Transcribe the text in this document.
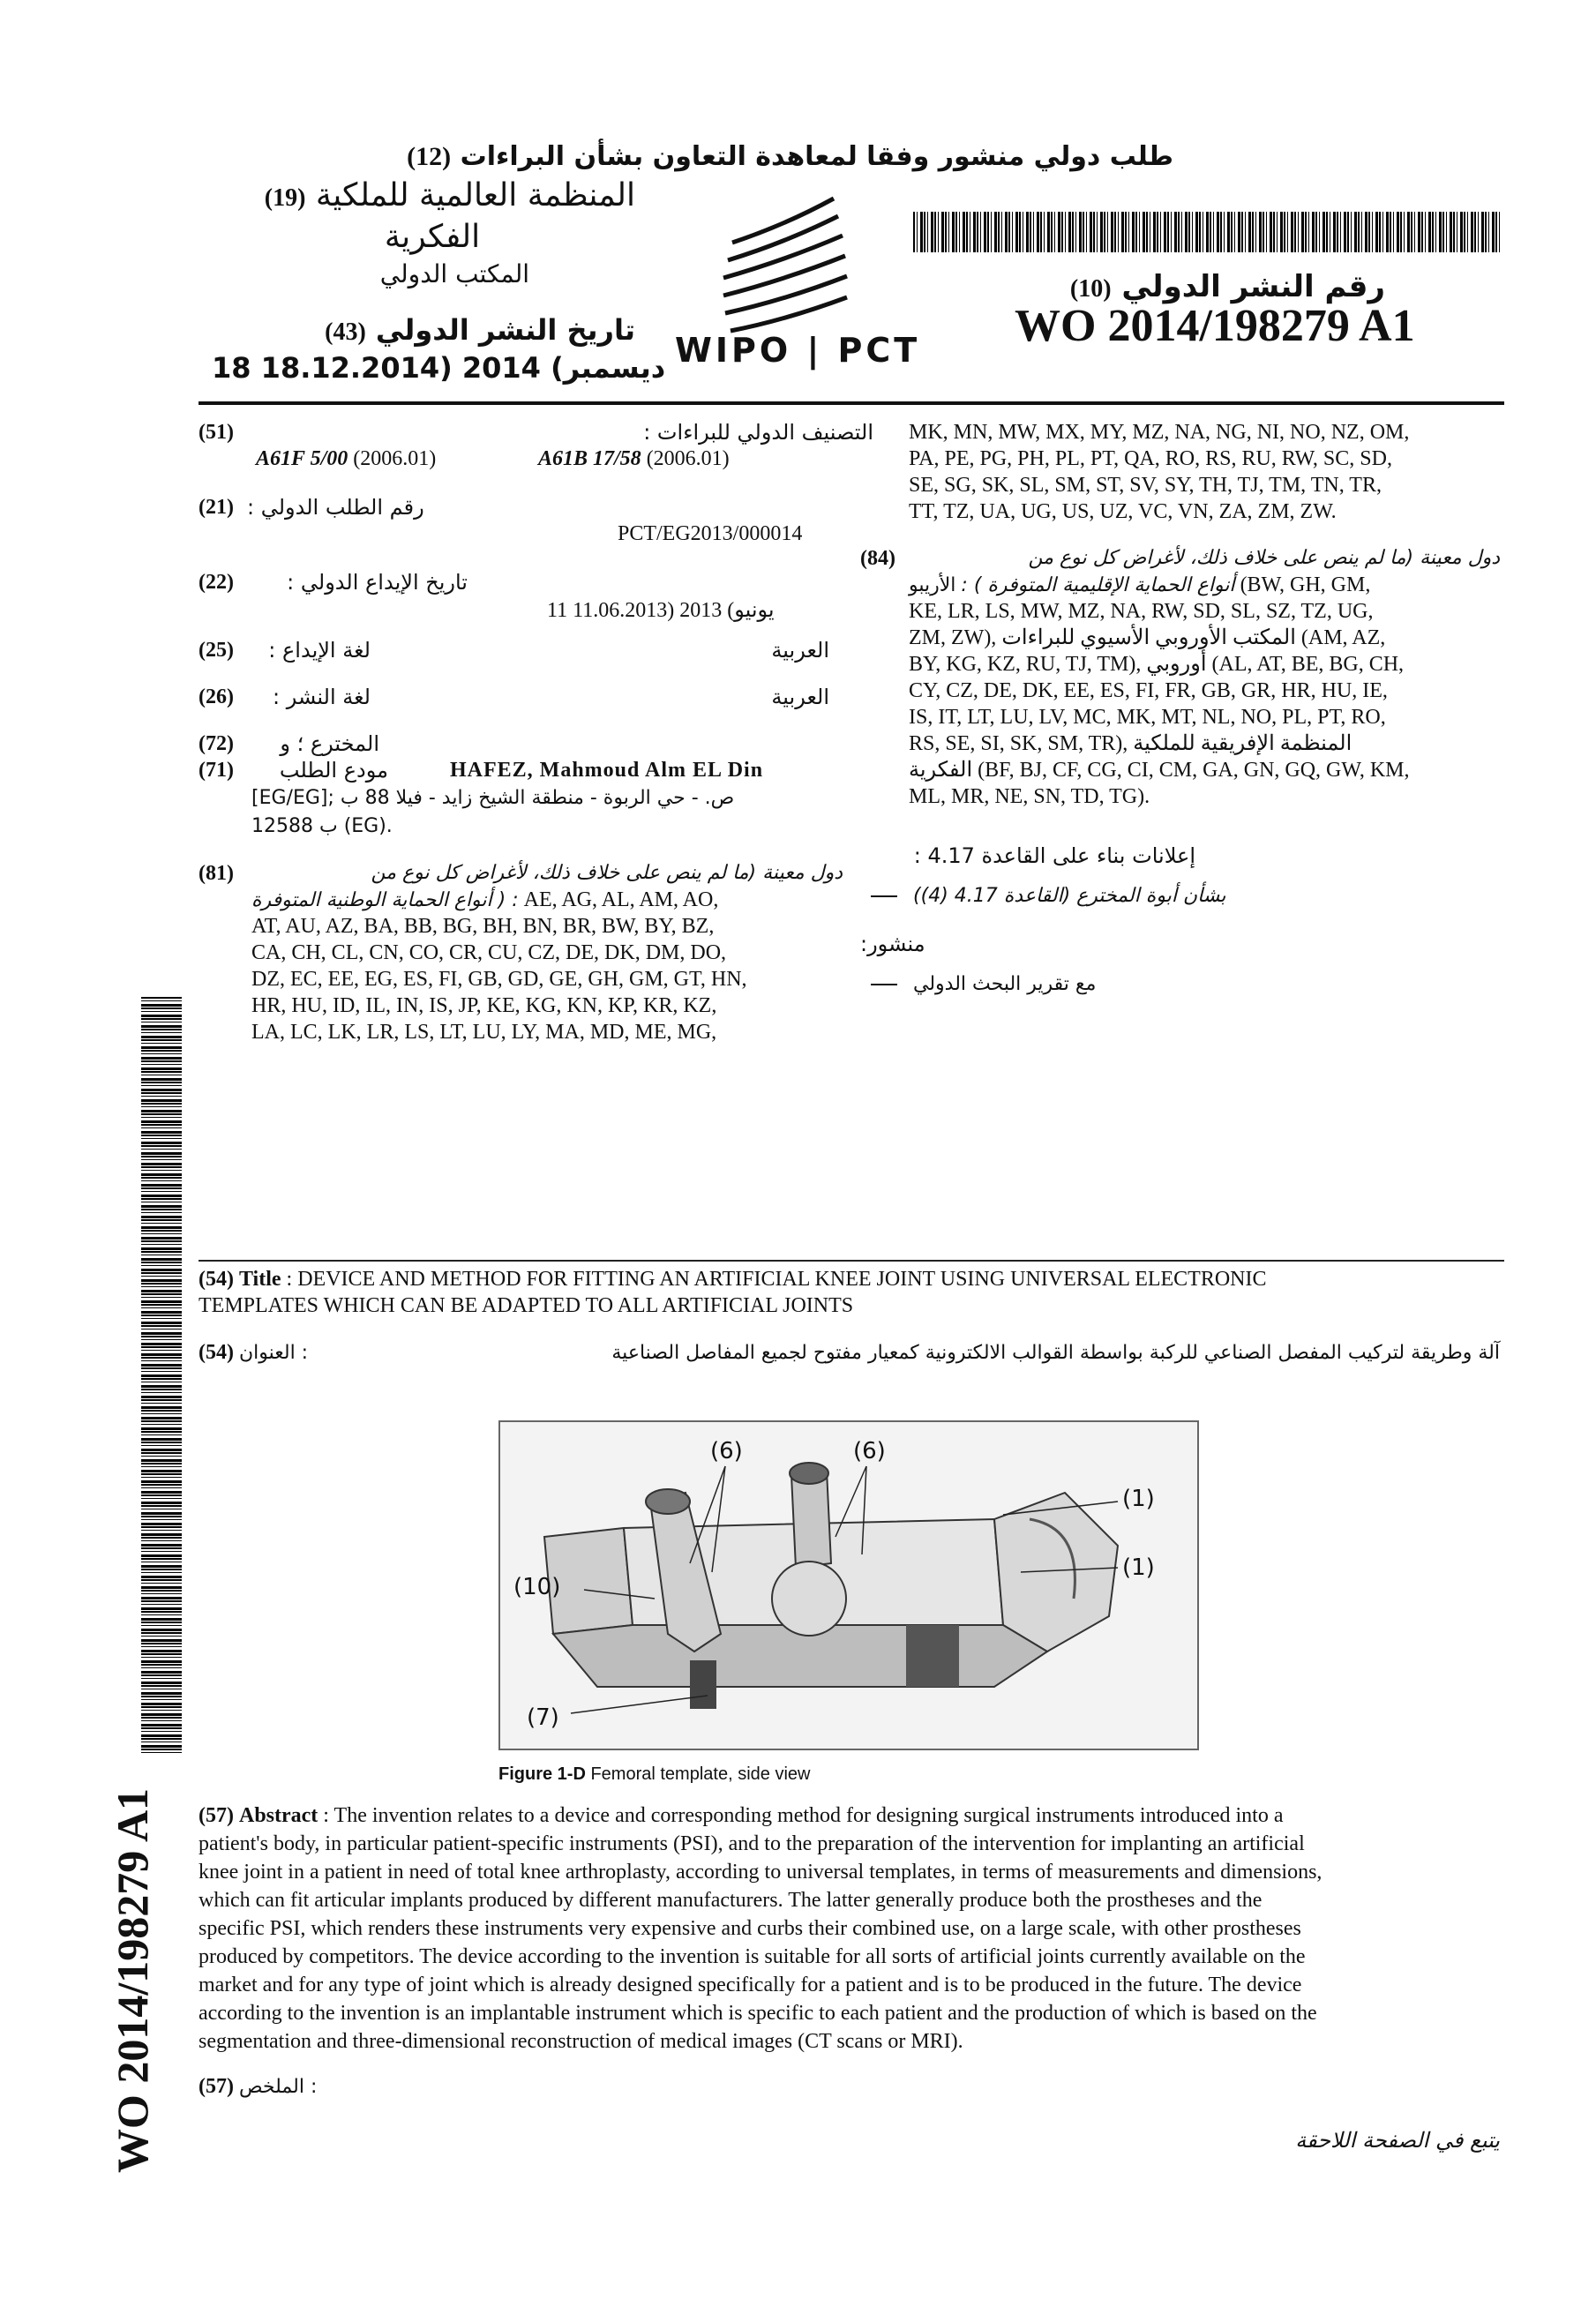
طلب دولي منشور وفقا لمعاهدة التعاون بشأن البراءات (12)
المنظمة العالمية للملكية (19)
الفكرية
المكتب الدولي
تاريخ النشر الدولي (43)
18 18.12.2014) 2014 (ديسمبر WIPO | PCT
رقم النشر الدولي (10)
WO 2014/198279 A1
التصنيف الدولي للبراءات :
(51)
A61F 5/00 (2006.01)	A61B 17/58 (2006.01)
(21) رقم الطلب الدولي :
PCT/EG2013/000014
(22)	تاريخ الإيداع الدولي :
11 11.06.2013) 2013 (يونيو
(25)	لغة الإيداع :	العربية
(26)	لغة النشر :	العربية
(72)	المخترع ؛ و
(71)	مودع الطلب	HAFEZ, Mahmoud Alm EL Din
[EG/EG]; ص. - حي الربوة - منطقة الشيخ زايد - فيلا 88 ب
12588 ب (EG).
(81)	دول معينة (ما لم ينص على خلاف ذلك، لأغراض كل نوع من
أنواع الحماية الوطنية المتوفرة ) : AE, AG, AL, AM, AO,
AT, AU, AZ, BA, BB, BG, BH, BN, BR, BW, BY, BZ,
CA, CH, CL, CN, CO, CR, CU, CZ, DE, DK, DM, DO,
DZ, EC, EE, EG, ES, FI, GB, GD, GE, GH, GM, GT, HN,
HR, HU, ID, IL, IN, IS, JP, KE, KG, KN, KP, KR, KZ,
LA, LC, LK, LR, LS, LT, LU, LY, MA, MD, ME, MG,
MK, MN, MW, MX, MY, MZ, NA, NG, NI, NO, NZ, OM,
PA, PE, PG, PH, PL, PT, QA, RO, RS, RU, RW, SC, SD,
SE, SG, SK, SL, SM, ST, SV, SY, TH, TJ, TM, TN, TR,
TT, TZ, UA, UG, US, UZ, VC, VN, ZA, ZM, ZW.
(84)	دول معينة (ما لم ينص على خلاف ذلك، لأغراض كل نوع من
أنواع الحماية الإقليمية المتوفرة ) : الأريبو	(BW, GH, GM,
KE, LR, LS, MW, MZ, NA, RW, SD, SL, SZ, TZ, UG,
ZM, ZW), المكتب الأوروبي الأسيوي للبراءات (AM, AZ,
BY, KG, KZ, RU, TJ, TM), أوروبي (AL, AT, BE, BG, CH,
CY, CZ, DE, DK, EE, ES, FI, FR, GB, GR, HR, HU, IE,
IS, IT, LT, LU, LV, MC, MK, MT, NL, NO, PL, PT, RO,
RS, SE, SI, SK, SM, TR), المنظمة الإفريقية للملكية
الفكرية (BF, BJ, CF, CG, CI, CM, GA, GN, GQ, GW, KM,
ML, MR, NE, SN, TD, TG).
إعلانات بناء على القاعدة 4.17 :
(بشأن أبوة المخترع (القاعدة 4.17 (4)
منشور:
مع تقرير البحث الدولي
(54) Title : DEVICE AND METHOD FOR FITTING AN ARTIFICIAL KNEE JOINT USING UNIVERSAL ELECTRONIC
TEMPLATES WHICH CAN BE ADAPTED TO ALL ARTIFICIAL JOINTS
(54) العنوان :	آلة وطريقة لتركيب المفصل الصناعي للركبة بواسطة القوالب الالكترونية كمعيار مفتوح لجميع المفاصل الصناعية
(6)	(6)
(1)
(1)
(10)
(7)
Figure 1-D Femoral template, side view
(57) Abstract : The invention relates to a device and corresponding method for designing surgical instruments introduced into a
patient's body, in particular patient-specific instruments (PSI), and to the preparation of the intervention for implanting an artificial
knee joint in a patient in need of total knee arthroplasty, according to universal templates, in terms of measurements and dimensions,
which can fit articular implants produced by different manufacturers. The latter generally produce both the prostheses and the
specific PSI, which renders these instruments very expensive and curbs their combined use, on a large scale, with other prostheses
produced by competitors. The device according to the invention is suitable for all sorts of artificial joints currently available on the
market and for any type of joint which is already designed specifically for a patient and is to be produced in the future. The device
according to the invention is an implantable instrument which is specific to each patient and the production of which is based on the
segmentation and three-dimensional reconstruction of medical images (CT scans or MRI).
(57) الملخص :
يتبع في الصفحة اللاحقة
WO 2014/198279 A1
